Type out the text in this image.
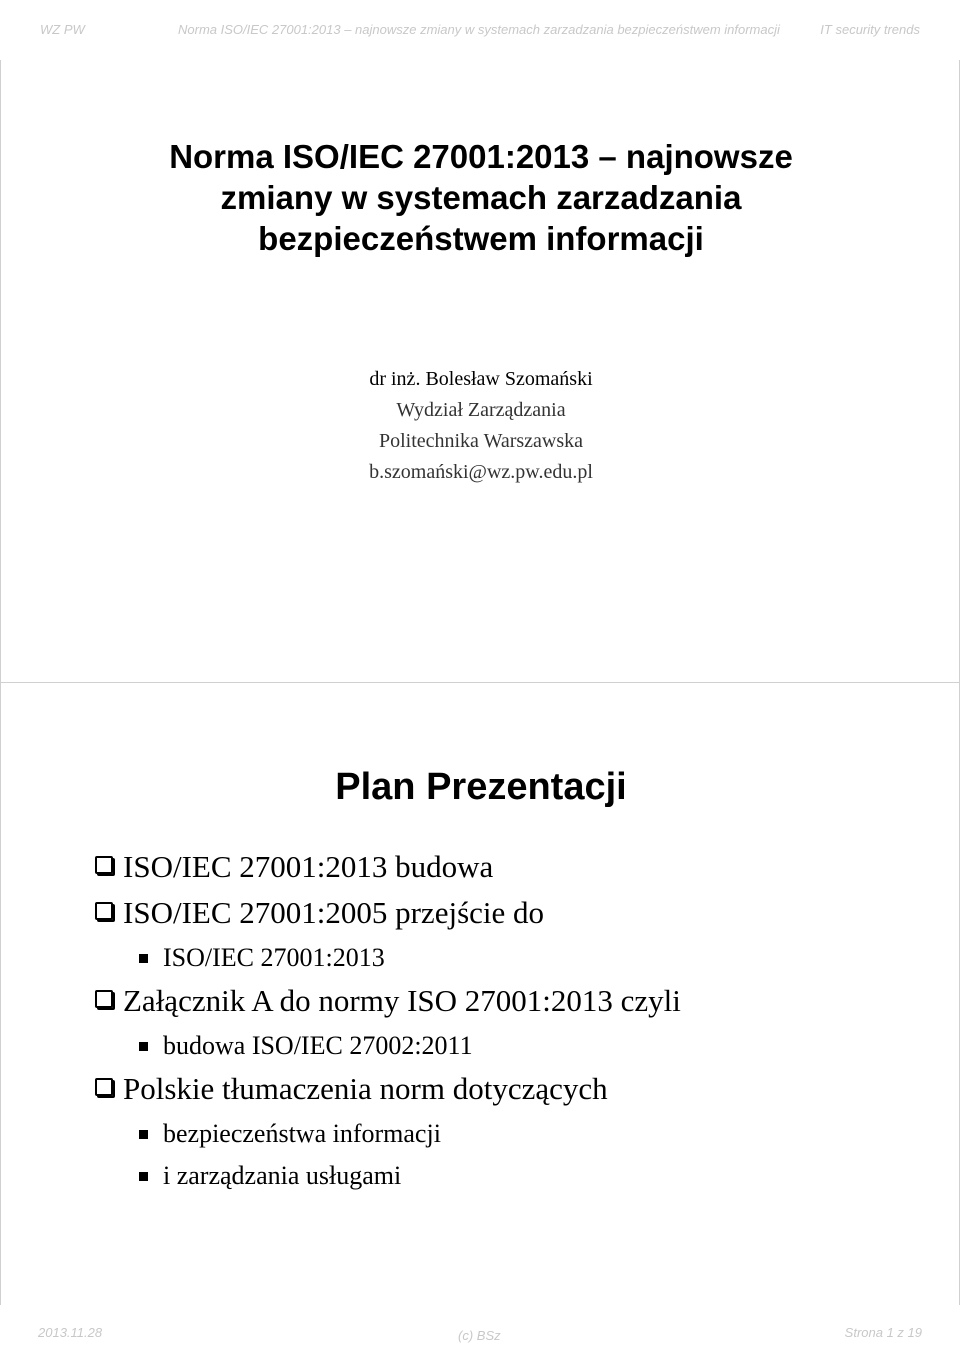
WZ PW	Norma ISO/IEC 27001:2013 – najnowsze zmiany w systemach zarzadzania bezpieczeństwem informacji	IT security trends
Norma ISO/IEC 27001:2013 – najnowsze
zmiany w systemach zarzadzania
bezpieczeństwem informacji
dr inż. Bolesław Szomański
Wydział Zarządzania
Politechnika Warszawska
b.szomański@wz.pw.edu.pl
Plan Prezentacji
ISO/IEC 27001:2013 budowa
ISO/IEC 27001:2005 przejście do
ISO/IEC 27001:2013
Załącznik A do normy ISO 27001:2013 czyli
budowa ISO/IEC 27002:2011
Polskie tłumaczenia norm dotyczących
bezpieczeństwa informacji
i zarządzania usługami
2013.11.28	(c) BSz	Strona 1 z 19
